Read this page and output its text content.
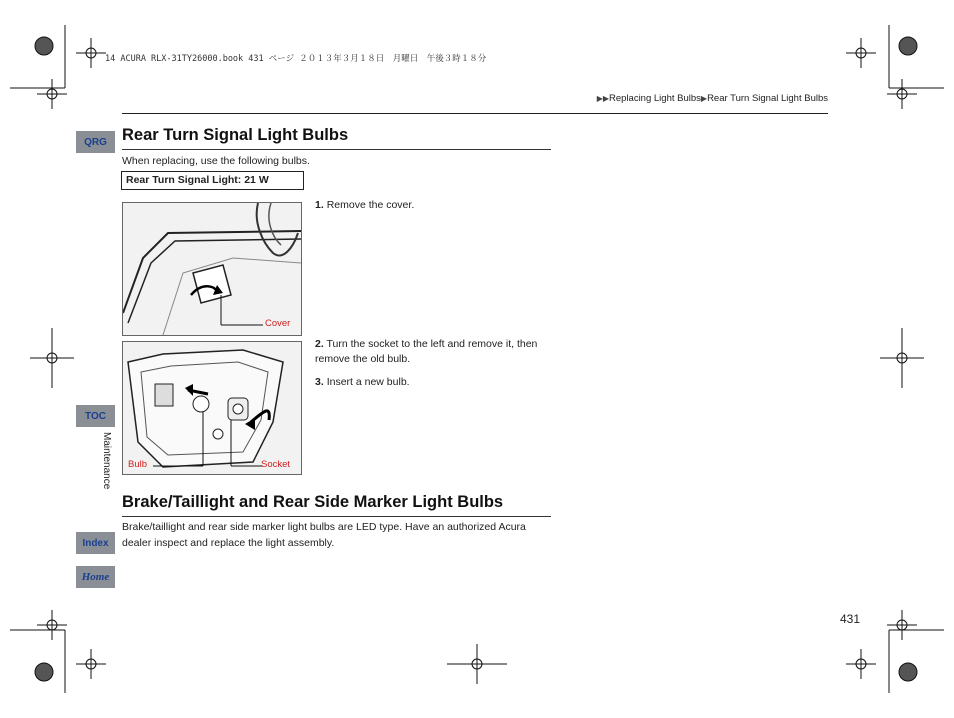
14 ACURA RLX-31TY26000.book 431 ページ ２０１３年３月１８日　月曜日　午後３時１８分
▶▶Replacing Light Bulbs▶Rear Turn Signal Light Bulbs
QRG
TOC
Maintenance
Index
Home
Rear Turn Signal Light Bulbs
When replacing, use the following bulbs.
Rear Turn Signal Light: 21 W
Cover
1. Remove the cover.
Bulb	Socket
2. Turn the socket to the left and remove it, then remove the old bulb.
3. Insert a new bulb.
Brake/Taillight and Rear Side Marker Light Bulbs
Brake/taillight and rear side marker light bulbs are LED type. Have an authorized Acura dealer inspect and replace the light assembly.
431
